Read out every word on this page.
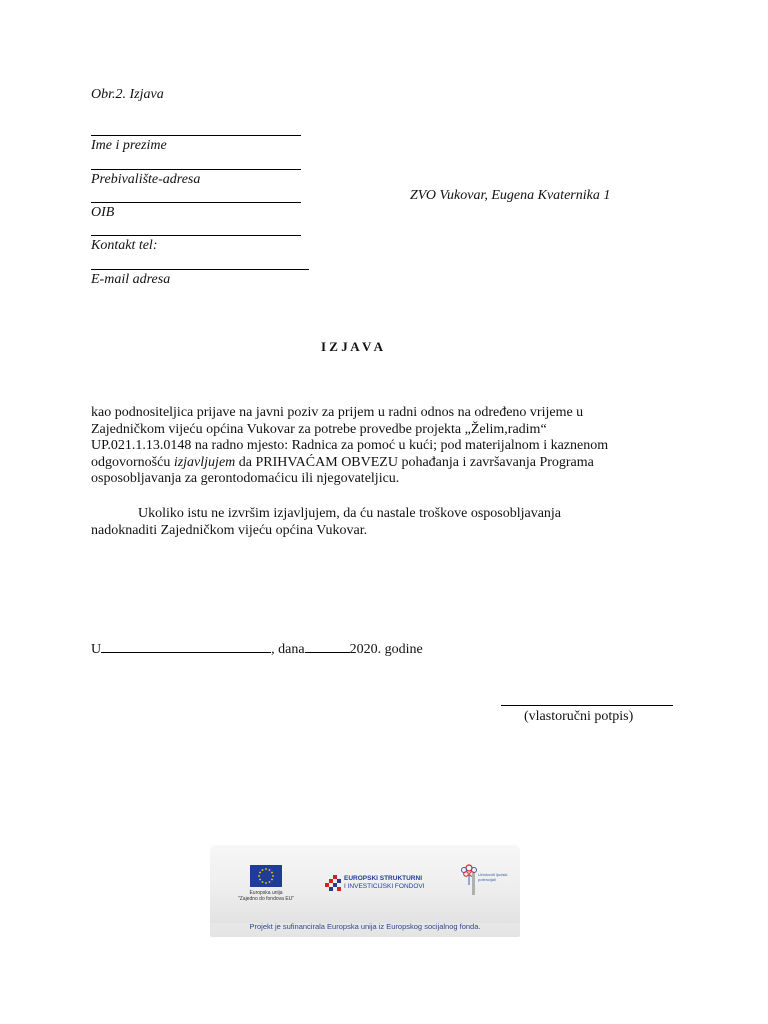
Obr.2. Izjava
Ime i prezime
Prebivalište-adresa
OIB
Kontakt tel:
E-mail adresa
ZVO Vukovar, Eugena Kvaternika 1
I Z J A V A
kao podnositeljica prijave na javni poziv za prijem u radni odnos na određeno vrijeme u
Zajedničkom vijeću općina Vukovar za potrebe provedbe projekta „Želim,radim“
UP.021.1.13.0148 na radno mjesto: Radnica za pomoć u kući; pod materijalnom i kaznenom
odgovornošću izjavljujem da PRIHVAĆAM OBVEZU pohađanja i završavanja Programa
osposobljavanja za gerontodomaćicu ili njegovateljicu.
Ukoliko istu ne izvršim izjavljujem, da ću nastale troškove osposobljavanja
nadoknaditi Zajedničkom vijeću općina Vukovar.
U	, dana	2020. godine
(vlastoručni potpis)
Europska unija
"Zajedno do fondova EU"
EUROPSKI STRUKTURNI
I INVESTICIJSKI FONDOVI
Učinkoviti ljudski potencijali
Projekt je sufinancirala Europska unija iz Europskog socijalnog fonda.
